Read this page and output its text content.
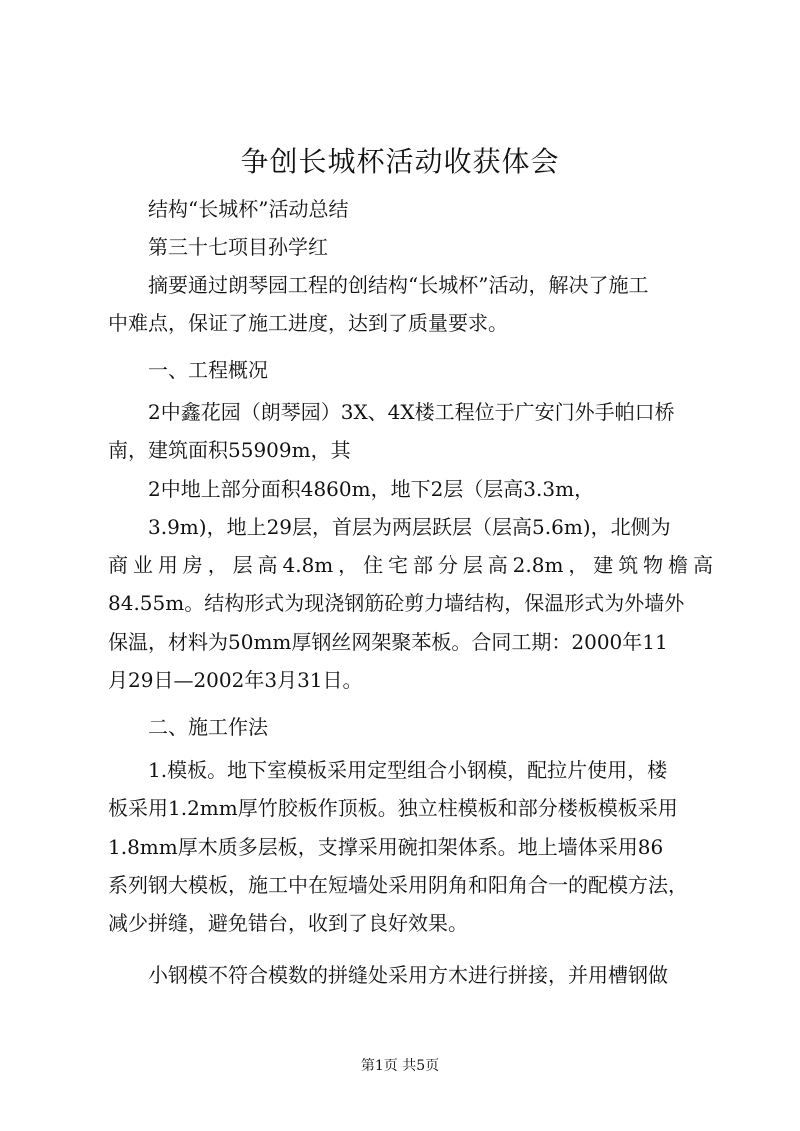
争创长城杯活动收获体会
结构“长城杯”活动总结
第三十七项目孙学红
摘要通过朗琴园工程的创结构“长城杯”活动，解决了施工
中难点，保证了施工进度，达到了质量要求。
一、工程概况
2中鑫花园（朗琴园）3X、4X楼工程位于广安门外手帕口桥
南，建筑面积55909m，其
2中地上部分面积4860m，地下2层（层高3.3m，
3.9m)，地上29层，首层为两层跃层（层高5.6m)，北侧为
商业用房，层高4.8m，住宅部分层高2.8m，建筑物檐高
84.55m。结构形式为现浇钢筋砼剪力墙结构，保温形式为外墙外
保温，材料为50mm厚钢丝网架聚苯板。合同工期：2000年11
月29日—2002年3月31日。
二、施工作法
1.模板。地下室模板采用定型组合小钢模，配拉片使用，楼
板采用1.2mm厚竹胶板作顶板。独立柱模板和部分楼板模板采用
1.8mm厚木质多层板，支撑采用碗扣架体系。地上墙体采用86
系列钢大模板，施工中在短墙处采用阴角和阳角合一的配模方法，
减少拼缝，避免错台，收到了良好效果。
小钢模不符合模数的拼缝处采用方木进行拼接，并用槽钢做
第1页 共5页
